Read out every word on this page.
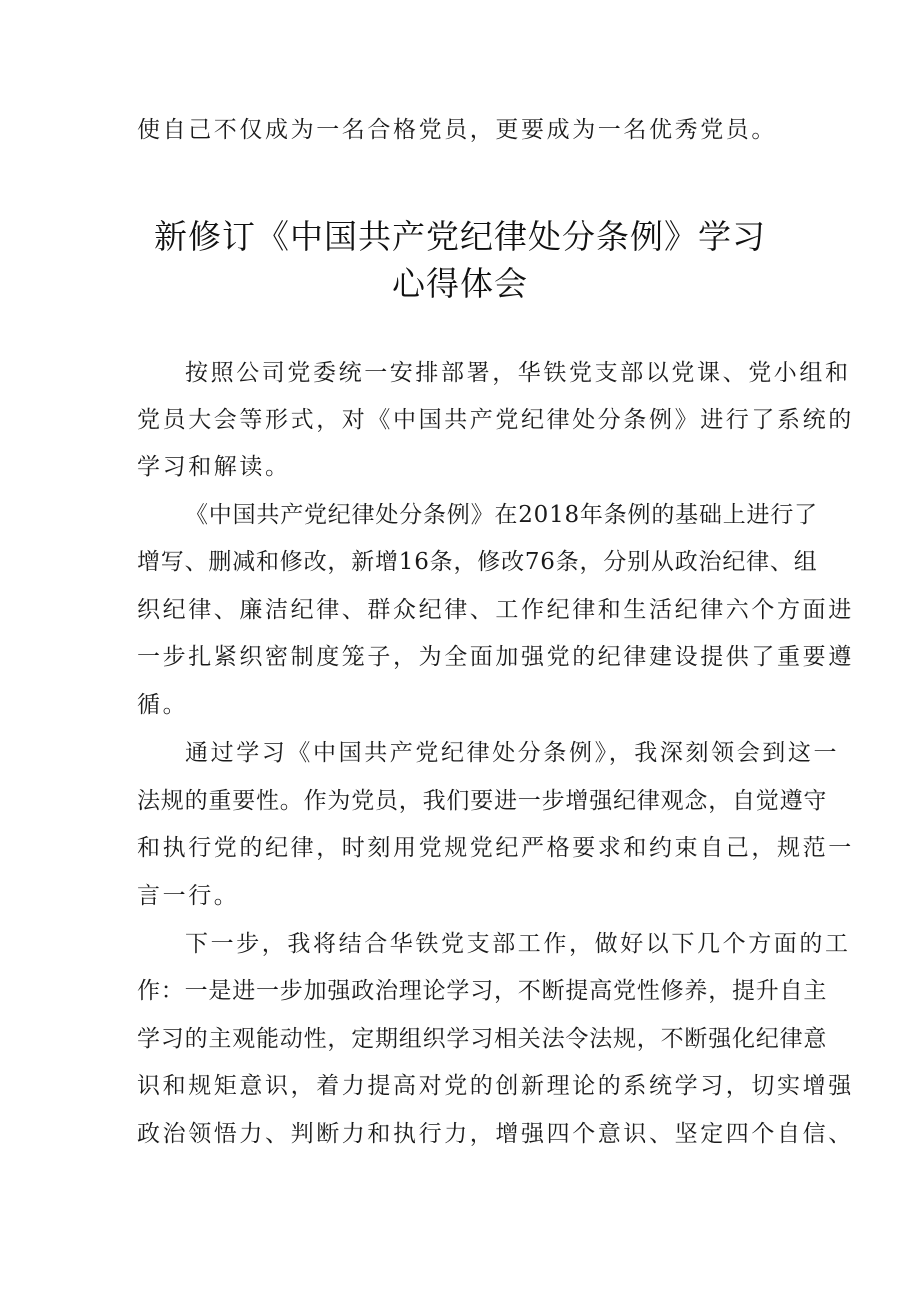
使自己不仅成为一名合格党员，更要成为一名优秀党员。
新修订《中国共产党纪律处分条例》学习
心得体会
按照公司党委统一安排部署，华铁党支部以党课、党小组和
党员大会等形式，对《中国共产党纪律处分条例》进行了系统的
学习和解读。
《中国共产党纪律处分条例》在2018年条例的基础上进行了
增写、删减和修改，新增16条，修改76条，分别从政治纪律、组
织纪律、廉洁纪律、群众纪律、工作纪律和生活纪律六个方面进
一步扎紧织密制度笼子，为全面加强党的纪律建设提供了重要遵
循。
通过学习《中国共产党纪律处分条例》，我深刻领会到这一
法规的重要性。作为党员，我们要进一步增强纪律观念，自觉遵守
和执行党的纪律，时刻用党规党纪严格要求和约束自己，规范一
言一行。
下一步，我将结合华铁党支部工作，做好以下几个方面的工
作：一是进一步加强政治理论学习，不断提高党性修养，提升自主
学习的主观能动性，定期组织学习相关法令法规，不断强化纪律意
识和规矩意识，着力提高对党的创新理论的系统学习，切实增强
政治领悟力、判断力和执行力，增强四个意识、坚定四个自信、
